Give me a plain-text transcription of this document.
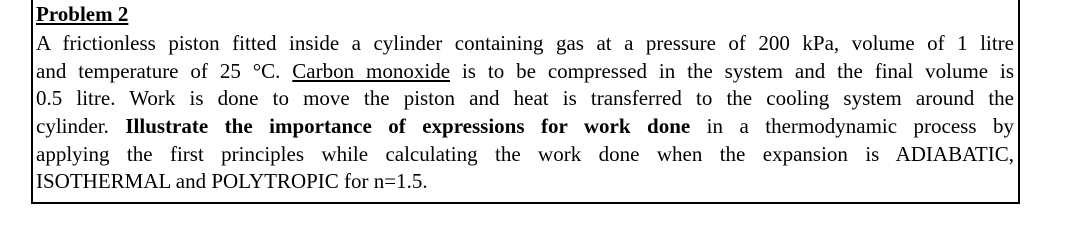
Problem 2
A frictionless piston fitted inside a cylinder containing gas at a pressure of 200 kPa, volume of 1 litre
and temperature of 25 °C. Carbon monoxide is to be compressed in the system and the final volume is
0.5 litre. Work is done to move the piston and heat is transferred to the cooling system around the
cylinder. Illustrate the importance of expressions for work done in a thermodynamic process by
applying the first principles while calculating the work done when the expansion is ADIABATIC,
ISOTHERMAL and POLYTROPIC for n=1.5.
